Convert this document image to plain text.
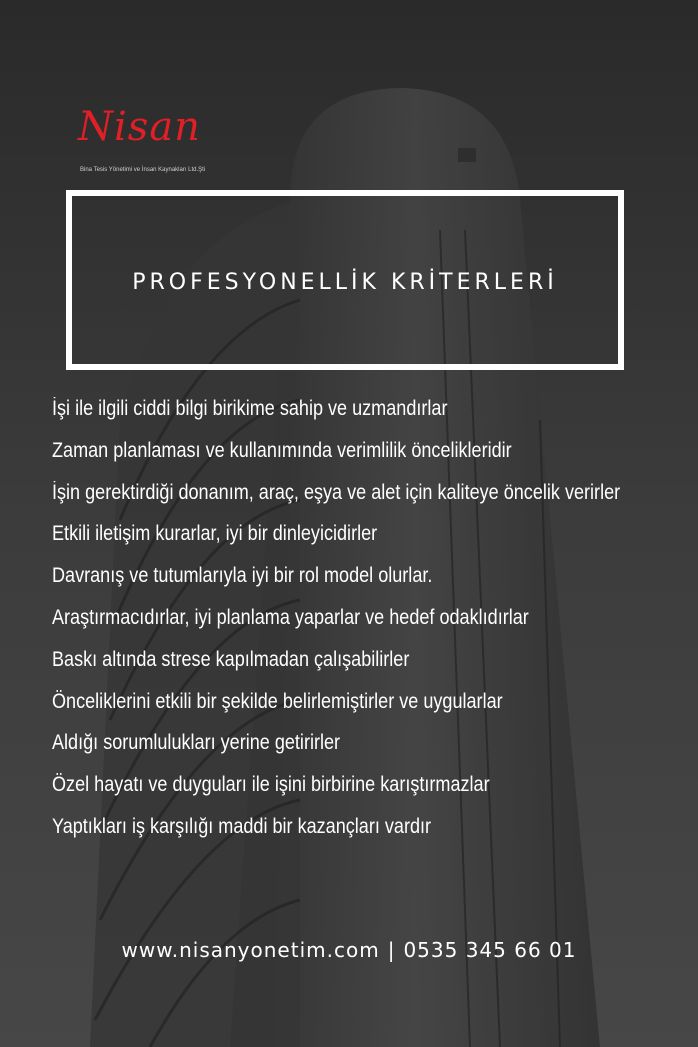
Nisan
Bina Tesis Yönetimi ve İnsan Kaynakları Ltd.Şti
PROFESYONELLİK KRİTERLERİ
İşi ile ilgili ciddi bilgi birikime sahip ve uzmandırlar
Zaman planlaması ve kullanımında verimlilik öncelikleridir
İşin gerektirdiği donanım, araç, eşya ve alet için kaliteye öncelik verirler
Etkili iletişim kurarlar, iyi bir dinleyicidirler
Davranış ve tutumlarıyla iyi bir rol model olurlar.
Araştırmacıdırlar, iyi planlama yaparlar ve hedef odaklıdırlar
Baskı altında strese kapılmadan çalışabilirler
Önceliklerini etkili bir şekilde belirlemiştirler ve uygularlar
Aldığı sorumlulukları yerine getirirler
Özel hayatı ve duyguları ile işini birbirine karıştırmazlar
Yaptıkları iş karşılığı maddi bir kazançları vardır
www.nisanyonetim.com | 0535 345 66 01
